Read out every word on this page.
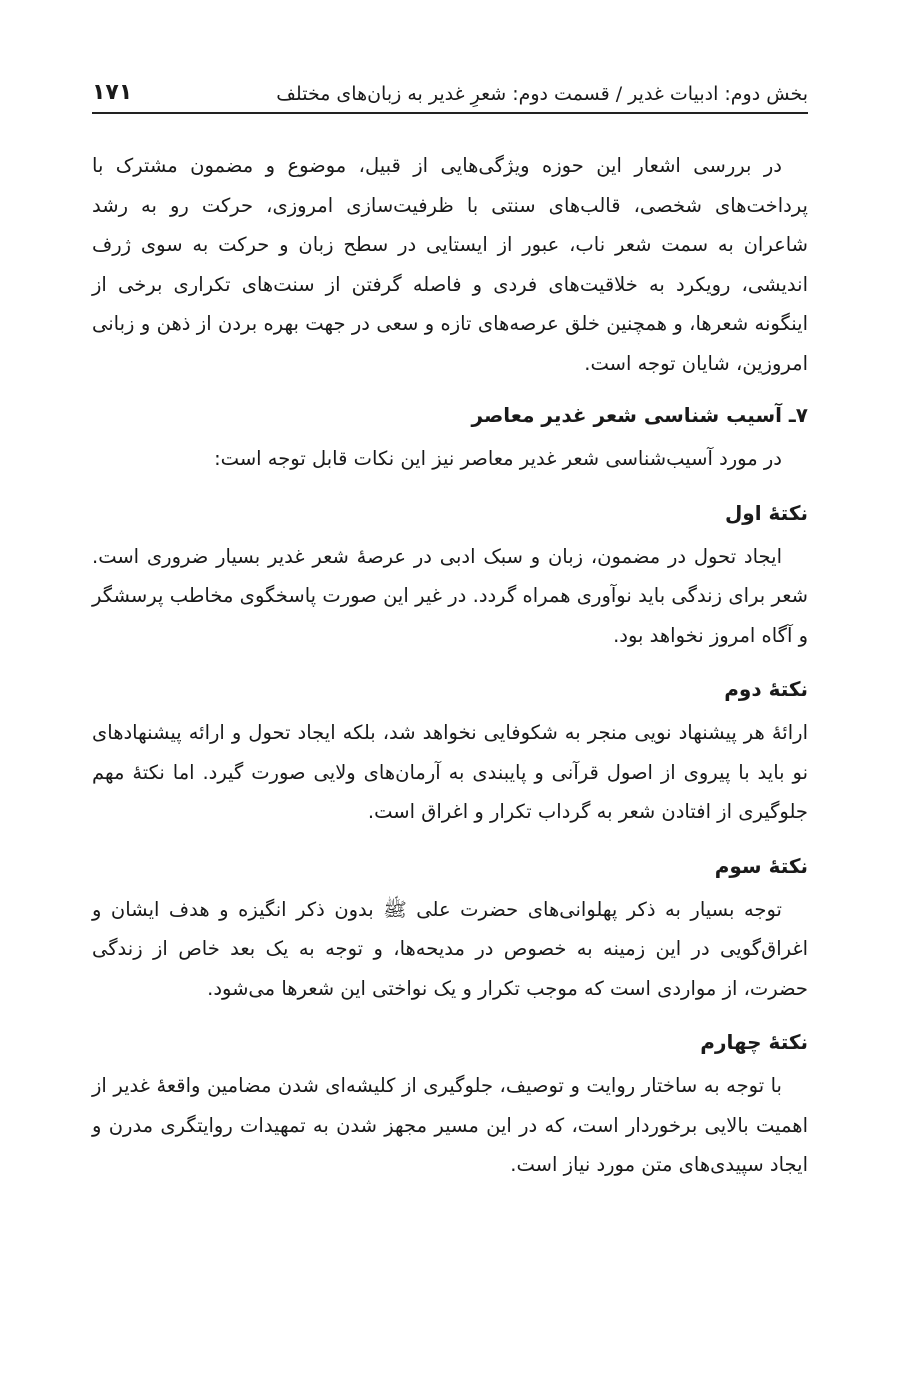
بخش دوم: ادبیات غدیر / قسمت دوم: شعرِ غدیر به زبان‌های مختلف
۱۷۱

در بررسی اشعار این حوزه ویژگی‌هایی از قبیل، موضوع و مضمون مشترک با پرداخت‌های شخصی، قالب‌های سنتی با ظرفیت‌سازی امروزی، حرکت رو به رشد شاعران به سمت شعر ناب، عبور از ایستایی در سطح زبان و حرکت به سوی ژرف اندیشی، رویکرد به خلاقیت‌های فردی و فاصله گرفتن از سنت‌های تکراری برخی از اینگونه شعرها، و همچنین خلق عرصه‌های تازه و سعی در جهت بهره بردن از ذهن و زبانی امروزین، شایان توجه است.

۷ـ آسیب شناسی شعر غدیر معاصر

در مورد آسیب‌شناسی شعر غدیر معاصر نیز این نکات قابل توجه است:

نکتۀ اول

ایجاد تحول در مضمون، زبان و سبک ادبی در عرصۀ شعر غدیر بسیار ضروری است. شعر برای زندگی باید نوآوری همراه گردد. در غیر این صورت پاسخگوی مخاطب پرسشگر و آگاه امروز نخواهد بود.

نکتۀ دوم

ارائۀ هر پیشنهاد نویی منجر به شکوفایی نخواهد شد، بلکه ایجاد تحول و ارائه پیشنهادهای نو باید با پیروی از اصول قرآنی و پایبندی به آرمان‌های ولایی صورت گیرد. اما نکتۀ مهم جلوگیری از افتادن شعر به گرداب تکرار و اغراق است.

نکتۀ سوم

توجه بسیار به ذکر پهلوانی‌های حضرت علی ﷺ بدون ذکر انگیزه و هدف ایشان و اغراق‌گویی در این زمینه به خصوص در مدیحه‌ها، و توجه به یک بعد خاص از زندگی حضرت، از مواردی است که موجب تکرار و یک نواختی این شعرها می‌شود.

نکتۀ چهارم

با توجه به ساختار روایت و توصیف، جلوگیری از کلیشه‌ای شدن مضامین واقعۀ غدیر از اهمیت بالایی برخوردار است، که در این مسیر مجهز شدن به تمهیدات روایتگری مدرن و ایجاد سپیدی‌های متن مورد نیاز است.
